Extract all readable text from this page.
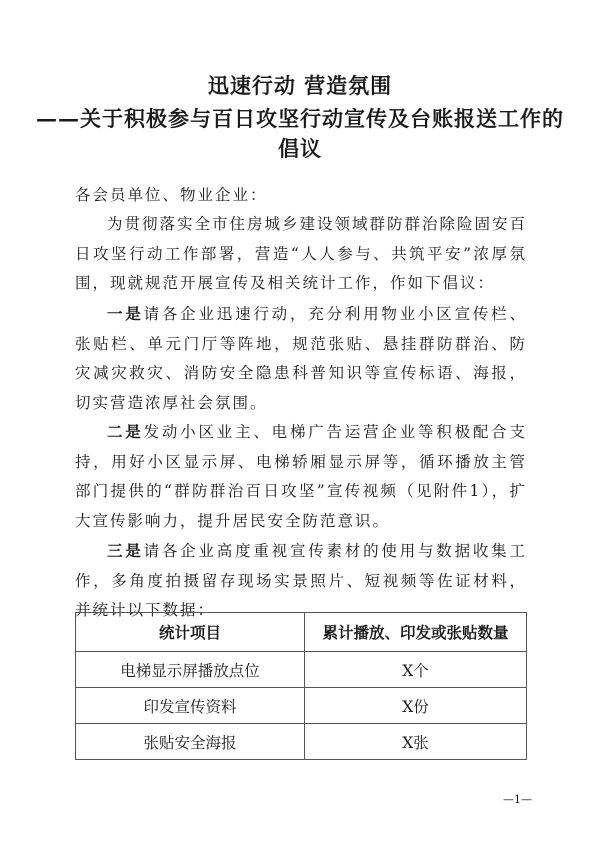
迅速行动 营造氛围
——关于积极参与百日攻坚行动宣传及台账报送工作的
倡议

各会员单位、物业企业：

为贯彻落实全市住房城乡建设领域群防群治除险固安百日攻坚行动工作部署，营造“人人参与、共筑平安”浓厚氛围，现就规范开展宣传及相关统计工作，作如下倡议：

一是请各企业迅速行动，充分利用物业小区宣传栏、张贴栏、单元门厅等阵地，规范张贴、悬挂群防群治、防灾减灾救灾、消防安全隐患科普知识等宣传标语、海报，切实营造浓厚社会氛围。

二是发动小区业主、电梯广告运营企业等积极配合支持，用好小区显示屏、电梯轿厢显示屏等，循环播放主管部门提供的“群防群治百日攻坚”宣传视频（见附件1），扩大宣传影响力，提升居民安全防范意识。

三是请各企业高度重视宣传素材的使用与数据收集工作，多角度拍摄留存现场实景照片、短视频等佐证材料，并统计以下数据：

统计项目	累计播放、印发或张贴数量
电梯显示屏播放点位	X个
印发宣传资料	X份
张贴安全海报	X张
—1—
